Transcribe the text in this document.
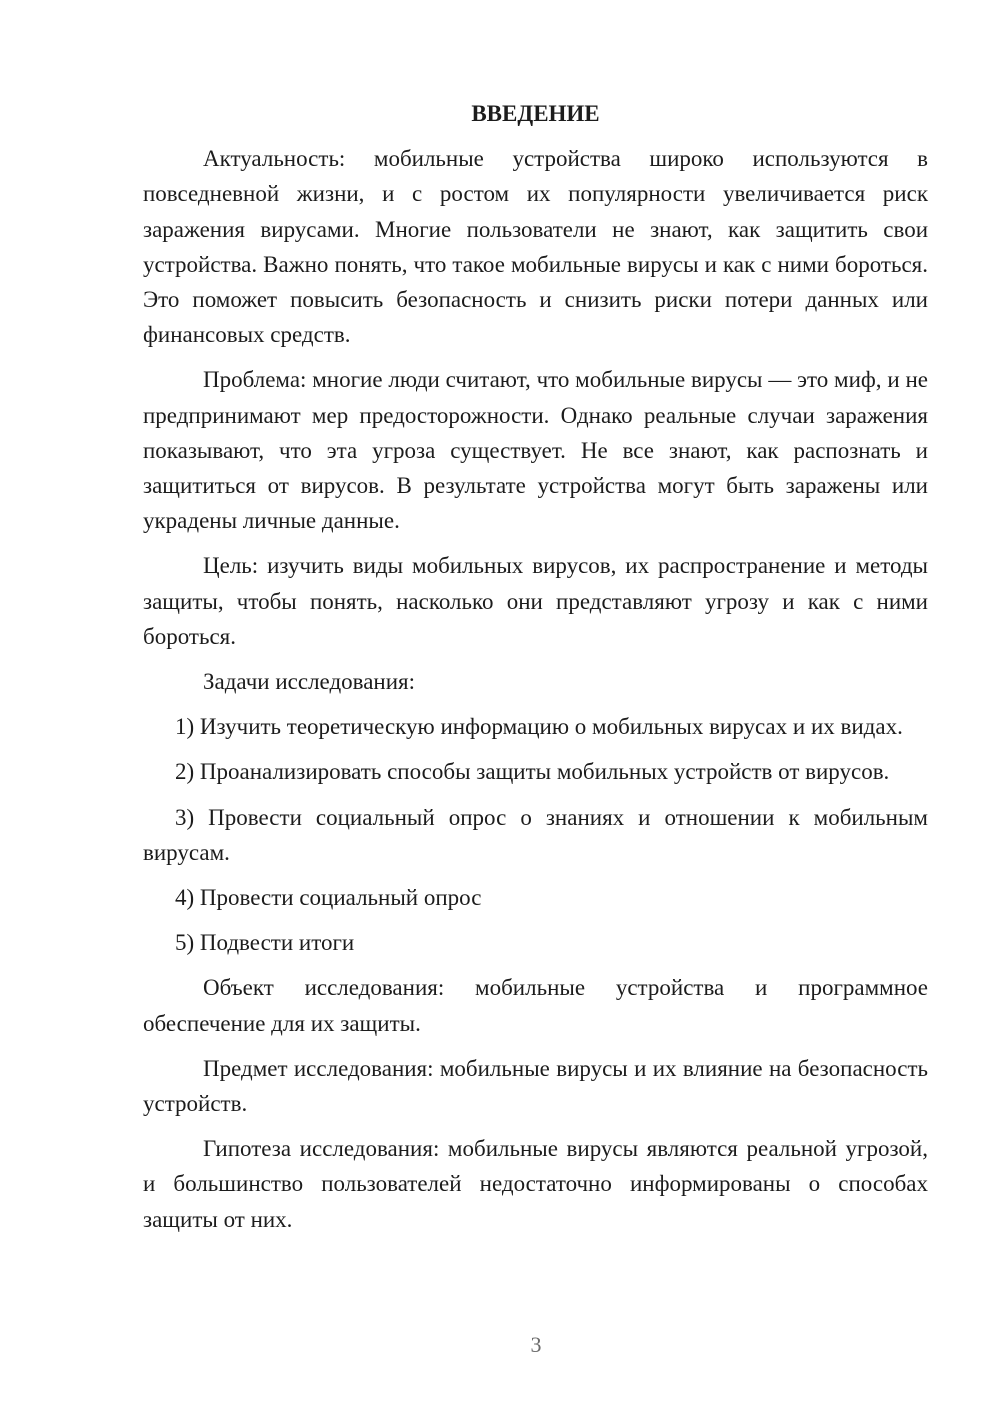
ВВЕДЕНИЕ

Актуальность: мобильные устройства широко используются в повседневной жизни, и с ростом их популярности увеличивается риск заражения вирусами. Многие пользователи не знают, как защитить свои устройства. Важно понять, что такое мобильные вирусы и как с ними бороться. Это поможет повысить безопасность и снизить риски потери данных или финансовых средств.

Проблема: многие люди считают, что мобильные вирусы — это миф, и не предпринимают мер предосторожности. Однако реальные случаи заражения показывают, что эта угроза существует. Не все знают, как распознать и защититься от вирусов. В результате устройства могут быть заражены или украдены личные данные.

Цель: изучить виды мобильных вирусов, их распространение и методы защиты, чтобы понять, насколько они представляют угрозу и как с ними бороться.

Задачи исследования:

1) Изучить теоретическую информацию о мобильных вирусах и их видах.

2) Проанализировать способы защиты мобильных устройств от вирусов.

3) Провести социальный опрос о знаниях и отношении к мобильным вирусам.

4) Провести социальный опрос

5) Подвести итоги

Объект исследования: мобильные устройства и программное обеспечение для их защиты.

Предмет исследования: мобильные вирусы и их влияние на безопасность устройств.

Гипотеза исследования: мобильные вирусы являются реальной угрозой, и большинство пользователей недостаточно информированы о способах защиты от них.

3
